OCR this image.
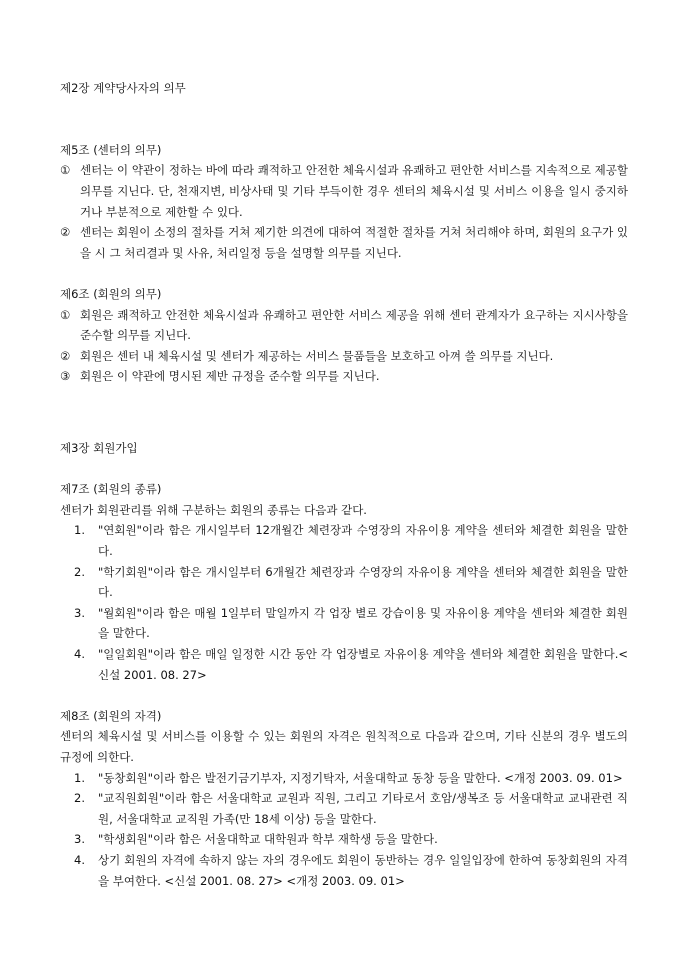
제2장 계약당사자의 의무

제5조 (센터의 의무)

① 센터는 이 약관이 정하는 바에 따라 쾌적하고 안전한 체육시설과 유쾌하고 편안한 서비스를 지속적으로 제공할 의무를 지닌다. 단, 천재지변, 비상사태 및 기타 부득이한 경우 센터의 체육시설 및 서비스 이용을 일시 중지하거나 부분적으로 제한할 수 있다.
② 센터는 회원이 소정의 절차를 거쳐 제기한 의견에 대하여 적절한 절차를 거쳐 처리해야 하며, 회원의 요구가 있을 시 그 처리결과 및 사유, 처리일정 등을 설명할 의무를 지닌다.

제6조 (회원의 의무)

① 회원은 쾌적하고 안전한 체육시설과 유쾌하고 편안한 서비스 제공을 위해 센터 관계자가 요구하는 지시사항을 준수할 의무를 지닌다.
② 회원은 센터 내 체육시설 및 센터가 제공하는 서비스 물품들을 보호하고 아껴 쓸 의무를 지닌다.
③ 회원은 이 약관에 명시된 제반 규정을 준수할 의무를 지닌다.

제3장 회원가입

제7조 (회원의 종류)

센터가 회원관리를 위해 구분하는 회원의 종류는 다음과 같다.

1.	"연회원"이라 함은 개시일부터 12개월간 체련장과 수영장의 자유이용 계약을 센터와 체결한 회원을 말한다.
2.	"학기회원"이라 함은 개시일부터 6개월간 체련장과 수영장의 자유이용 계약을 센터와 체결한 회원을 말한다.
3.	"월회원"이라 함은 매월 1일부터 말일까지 각 업장 별로 강습이용 및 자유이용 계약을 센터와 체결한 회원을 말한다.
4.	"일일회원"이라 함은 매일 일정한 시간 동안 각 업장별로 자유이용 계약을 센터와 체결한 회원을 말한다.<신설 2001. 08. 27>

제8조 (회원의 자격)

센터의 체육시설 및 서비스를 이용할 수 있는 회원의 자격은 원칙적으로 다음과 같으며, 기타 신분의 경우 별도의 규정에 의한다.

1.	"동창회원"이라 함은 발전기금기부자, 지정기탁자, 서울대학교 동창 등을 말한다. <개정 2003. 09. 01>
2.	"교직원회원"이라 함은 서울대학교 교원과 직원, 그리고 기타로서 호암/생복조 등 서울대학교 교내관련 직원, 서울대학교 교직원 가족(만 18세 이상) 등을 말한다.
3.	"학생회원"이라 함은 서울대학교 대학원과 학부 재학생 등을 말한다.
4.	상기 회원의 자격에 속하지 않는 자의 경우에도 회원이 동반하는 경우 일일입장에 한하여 동창회원의 자격을 부여한다. <신설 2001. 08. 27> <개정 2003. 09. 01>
